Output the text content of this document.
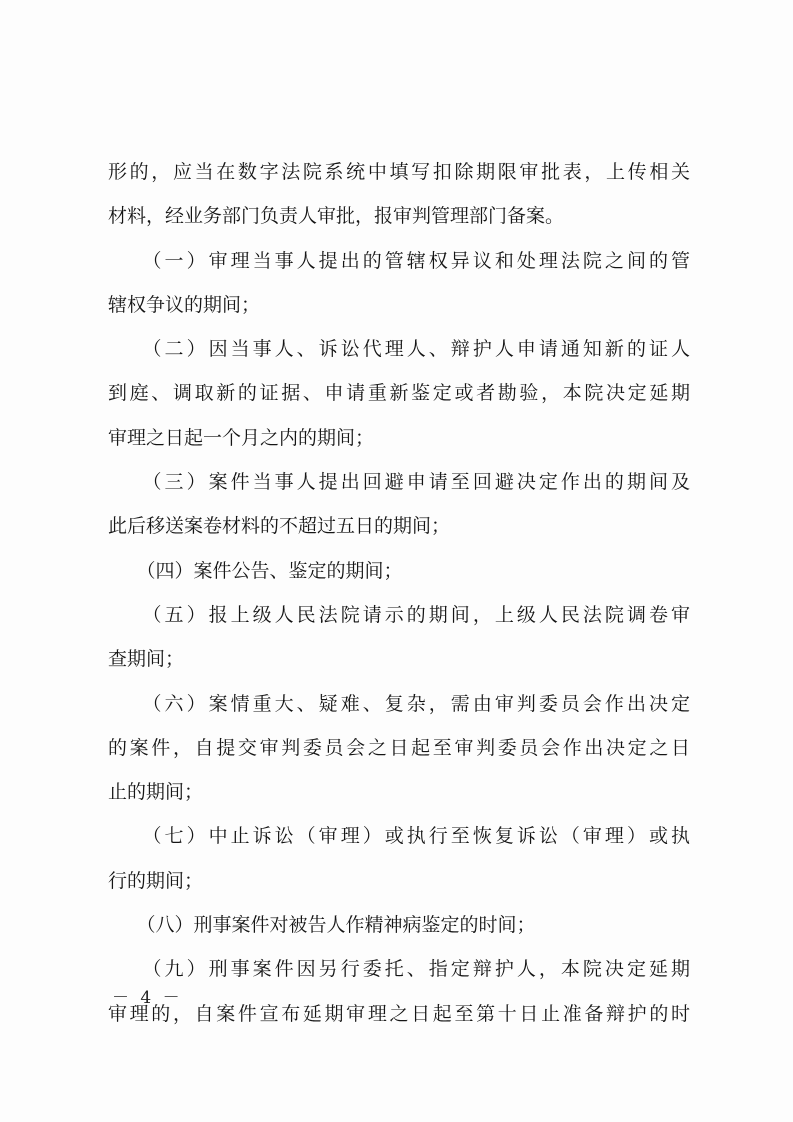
形的，应当在数字法院系统中填写扣除期限审批表，上传相关
材料，经业务部门负责人审批，报审判管理部门备案。
　　（一）审理当事人提出的管辖权异议和处理法院之间的管
辖权争议的期间；
　　（二）因当事人、诉讼代理人、辩护人申请通知新的证人
到庭、调取新的证据、申请重新鉴定或者勘验，本院决定延期
审理之日起一个月之内的期间；
　　（三）案件当事人提出回避申请至回避决定作出的期间及
此后移送案卷材料的不超过五日的期间；
　　（四）案件公告、鉴定的期间；
　　（五）报上级人民法院请示的期间，上级人民法院调卷审
查期间；
　　（六）案情重大、疑难、复杂，需由审判委员会作出决定
的案件，自提交审判委员会之日起至审判委员会作出决定之日
止的期间；
　　（七）中止诉讼（审理）或执行至恢复诉讼（审理）或执
行的期间；
　　（八）刑事案件对被告人作精神病鉴定的时间；
　　（九）刑事案件因另行委托、指定辩护人，本院决定延期
审理的，自案件宣布延期审理之日起至第十日止准备辩护的时
－ 4 －
